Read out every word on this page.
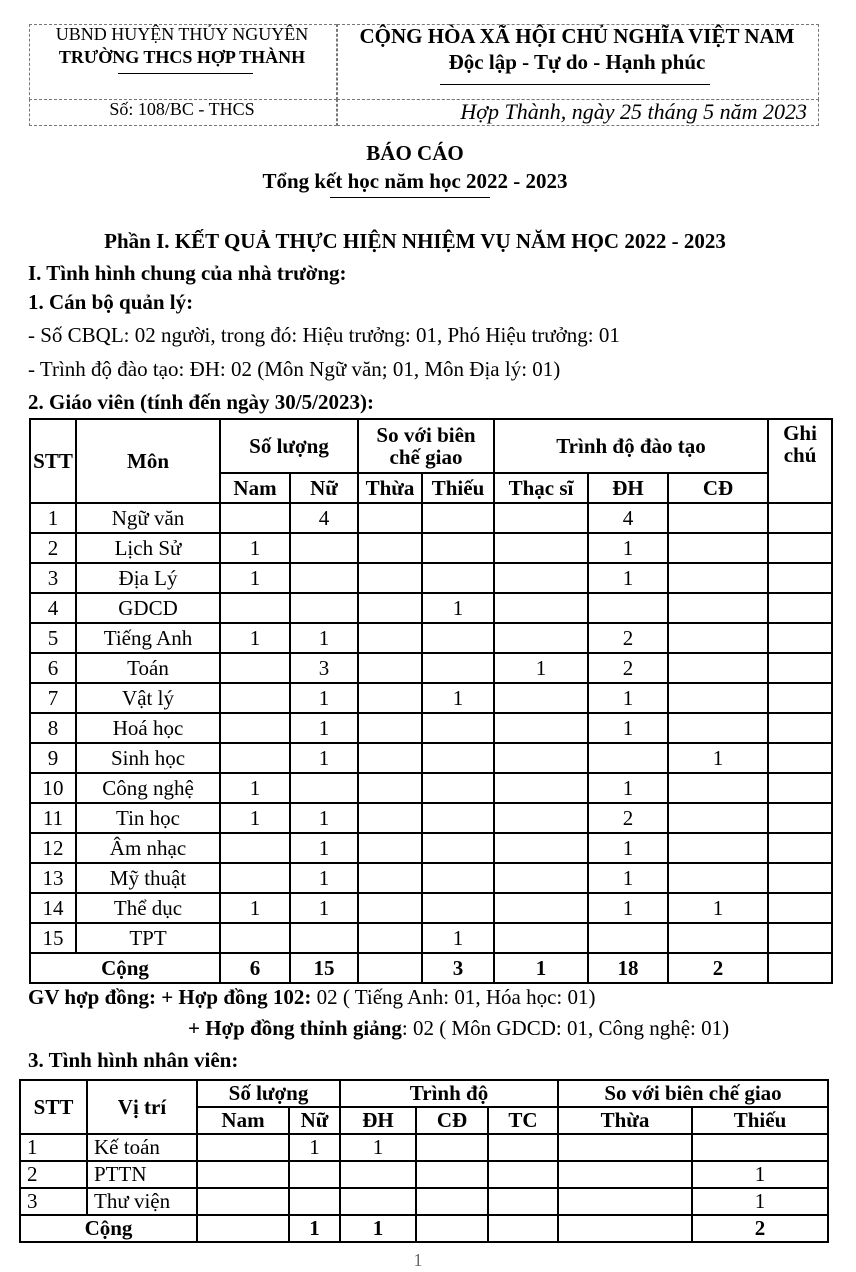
UBND HUYỆN THỦY NGUYÊN
TRƯỜNG THCS HỢP THÀNH
CỘNG HÒA XÃ HỘI CHỦ NGHĨA VIỆT NAM
Độc lập - Tự do - Hạnh phúc
Số: 108/BC - THCS	Hợp Thành, ngày 25 tháng 5 năm 2023
BÁO CÁO
Tổng kết học năm học 2022 - 2023
Phần I. KẾT QUẢ THỰC HIỆN NHIỆM VỤ NĂM HỌC 2022 - 2023
I. Tình hình chung của nhà trường:
1. Cán bộ quản lý:
- Số CBQL: 02 người, trong đó: Hiệu trưởng: 01, Phó Hiệu trưởng: 01
- Trình độ đào tạo: ĐH: 02 (Môn Ngữ văn; 01, Môn Địa lý: 01)
2. Giáo viên (tính đến ngày 30/5/2023):
STT	Môn	Số lượng		So với biên
chế giao		Trình độ đào tạo			Ghi
chú
		Nam	Nữ	Thừa	Thiếu	Thạc sĩ	ĐH	CĐ	
1	Ngữ văn		4				4		
2	Lịch Sử	1					1		
3	Địa Lý	1					1		
4	GDCD				1				
5	Tiếng Anh	1	1				2		
6	Toán		3			1	2		
7	Vật lý		1		1		1		
8	Hoá học		1				1		
9	Sinh học		1					1	
10	Công nghệ	1					1		
11	Tin học	1	1				2		
12	Âm nhạc		1				1		
13	Mỹ thuật		1				1		
14	Thể dục	1	1				1	1	
15	TPT				1				
Cộng		6	15		3	1	18	2	
GV hợp đồng: + Hợp đồng 102: 02 ( Tiếng Anh: 01, Hóa học: 01)
+ Hợp đồng thỉnh giảng: 02 ( Môn GDCD: 01, Công nghệ: 01)
3. Tình hình nhân viên:
STT	Vị trí	Số lượng		Trình độ			So với biên chế giao	
		Nam	Nữ	ĐH	CĐ	TC	Thừa	Thiếu
1	Kế toán		1	1				
2	PTTN							1
3	Thư viện							1
Cộng			1	1				2
1
